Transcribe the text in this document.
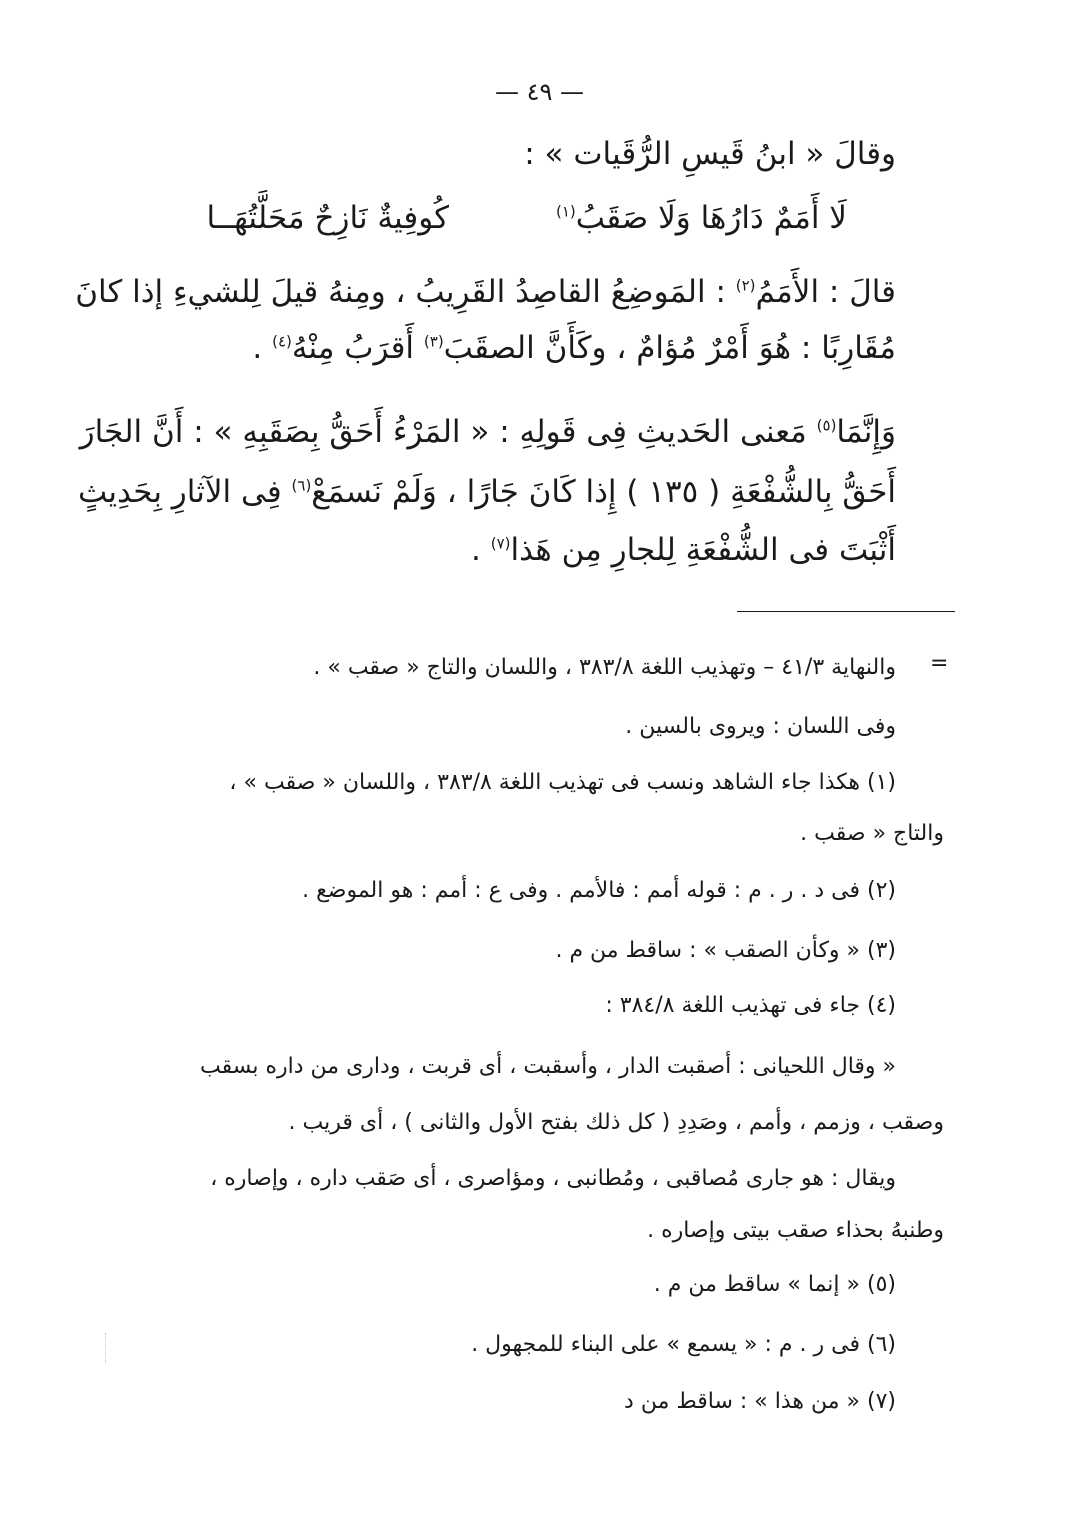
— ٤٩ —
وقالَ « ابنُ قَيسِ الرُّقَيات » :
كُوفِيةٌ نَازِحٌ مَحَلَّتُهَــا	لَا أَمَمٌ دَارُهَا وَلَا صَقَبُ$^{(١)}$
قالَ : الأَمَمُ$^{(٢)}$ : المَوضِعُ القاصِدُ القَرِيبُ ، ومِنهُ قيلَ لِلشيءِ إذا كانَ
مُقَارِبًا : هُوَ أَمْرٌ مُؤامٌ ، وكَأَنَّ الصقَبَ$^{(٣)}$ أَقرَبُ مِنْهُ$^{(٤)}$ .
وَإِنَّمَا$^{(٥)}$ مَعنى الحَديثِ فِى قَولِهِ : « المَرْءُ أَحَقُّ بِصَقَبِهِ » : أَنَّ الجَارَ
أَحَقُّ بِالشُّفْعَةِ ( ١٣٥ ) إِذا كَانَ جَارًا ، وَلَمْ نَسمَعْ$^{(٦)}$ فِى الآثارِ بِحَدِيثٍ
أَثْبَتَ فى الشُّفْعَةِ لِلجارِ مِن هَذا$^{(٧)}$ .
=
والنهاية ٤١/٣ – وتهذيب اللغة ٣٨٣/٨ ، واللسان والتاج « صقب » .
وفى اللسان : ويروى بالسين .
(١) هكذا جاء الشاهد ونسب فى تهذيب اللغة ٣٨٣/٨ ، واللسان « صقب » ،
والتاج « صقب .
(٢) فى د . ر . م : قوله أمم : فالأمم . وفى ع : أمم : هو الموضع .
(٣) « وكأن الصقب » : ساقط من م .
(٤) جاء فى تهذيب اللغة ٣٨٤/٨ :
« وقال اللحيانى : أصقبت الدار ، وأسقبت ، أى قربت ، ودارى من داره بسقب
وصقب ، وزمم ، وأمم ، وصَدِدِ ( كل ذلك بفتح الأول والثانى ) ، أى قريب .
ويقال : هو جارى مُصاقبى ، ومُطانبى ، ومؤاصرى ، أى صَقب داره ، وإصاره ،
وطنبهُ بحذاء صقب بيتى وإصاره .
(٥) « إنما » ساقط من م .
(٦) فى ر . م : « يسمع » على البناء للمجهول .
(٧) « من هذا » : ساقط من د
